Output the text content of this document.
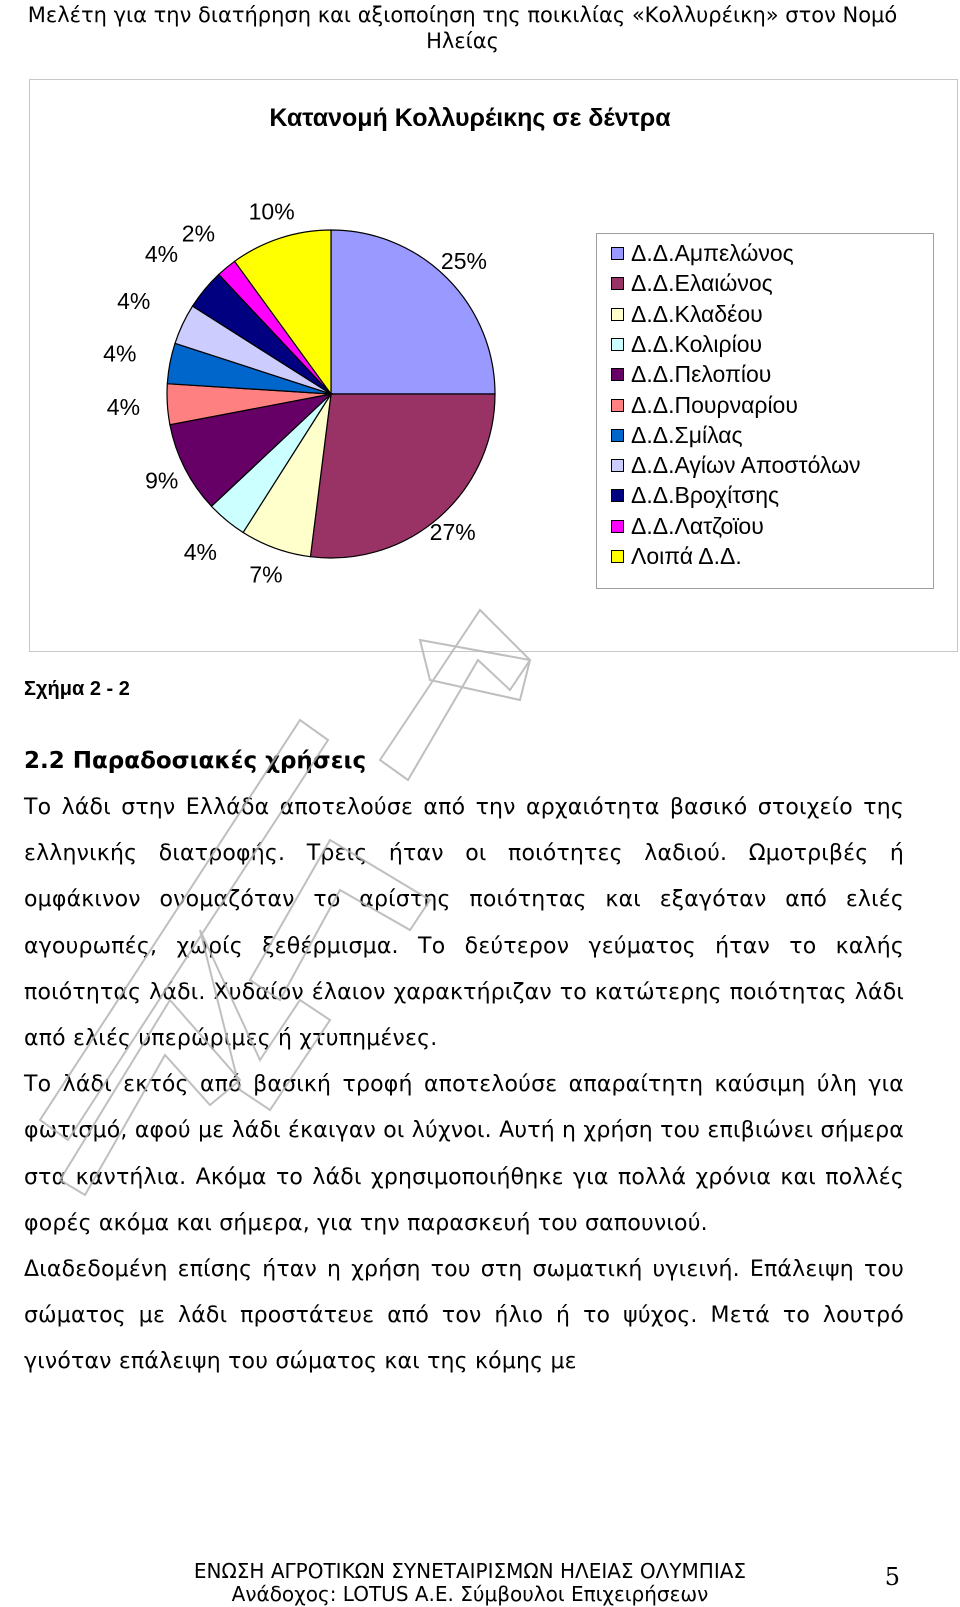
Μελέτη για την διατήρηση και αξιοποίηση της ποικιλίας «Κολλυρέικη» στον Νομό Ηλείας
Κατανομή Κολλυρέικης σε δέντρα
25%
27%
7%
4%
9%
4%
4%
4%
4%
2%
10%
Δ.Δ.Αμπελώνος
Δ.Δ.Ελαιώνος
Δ.Δ.Κλαδέου
Δ.Δ.Κολιρίου
Δ.Δ.Πελοπίου
Δ.Δ.Πουρναρίου
Δ.Δ.Σμίλας
Δ.Δ.Αγίων Αποστόλων
Δ.Δ.Βροχίτσης
Δ.Δ.Λατζοϊου
Λοιπά Δ.Δ.
Σχήμα 2 - 2
2.2 Παραδοσιακές χρήσεις

Το λάδι στην Ελλάδα αποτελούσε από την αρχαιότητα βασικό στοιχείο της ελληνικής διατροφής. Τρεις ήταν οι ποιότητες λαδιού. Ωμοτριβές ή ομφάκινον ονομαζόταν το αρίστης ποιότητας και εξαγόταν από ελιές αγουρωπές, χωρίς ξεθέρμισμα. Το δεύτερον γεύματος ήταν το καλής ποιότητας λάδι. Χυδαίον έλαιον χαρακτήριζαν το κατώτερης ποιότητας λάδι από ελιές υπερώριμες ή χτυπημένες.

Το λάδι εκτός από βασική τροφή αποτελούσε απαραίτητη καύσιμη ύλη για φωτισμό, αφού με λάδι έκαιγαν οι λύχνοι. Αυτή η χρήση του επιβιώνει σήμερα στα καντήλια. Ακόμα το λάδι χρησιμοποιήθηκε για πολλά χρόνια και πολλές φορές ακόμα και σήμερα, για την παρασκευή του σαπουνιού.

Διαδεδομένη επίσης ήταν η χρήση του στη σωματική υγιεινή. Επάλειψη του σώματος με λάδι προστάτευε από τον ήλιο ή το ψύχος. Μετά το λουτρό γινόταν επάλειψη του σώματος και της κόμης με

ΕΝΩΣΗ ΑΓΡΟΤΙΚΩΝ ΣΥΝΕΤΑΙΡΙΣΜΩΝ ΗΛΕΙΑΣ ΟΛΥΜΠΙΑΣ
Ανάδοχος: LOTUS Α.Ε. Σύμβουλοι Επιχειρήσεων
5
